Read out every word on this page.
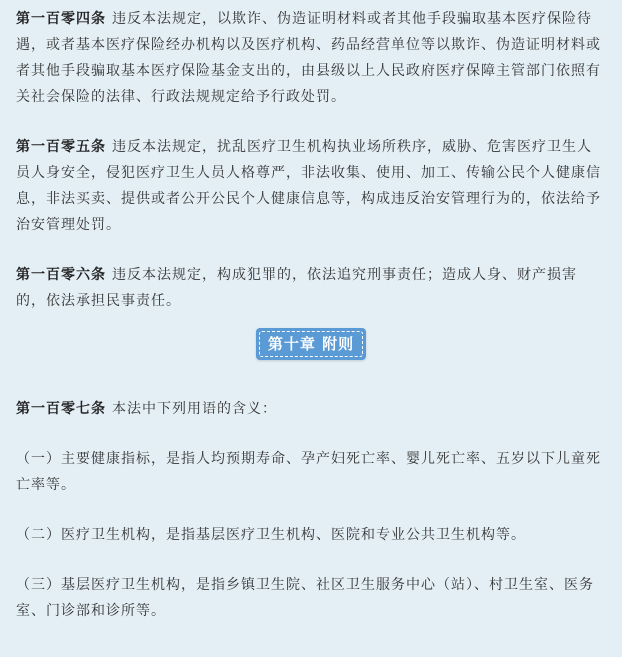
第一百零四条 违反本法规定，以欺诈、伪造证明材料或者其他手段骗取基本医疗保险待遇，或者基本医疗保险经办机构以及医疗机构、药品经营单位等以欺诈、伪造证明材料或者其他手段骗取基本医疗保险基金支出的，由县级以上人民政府医疗保障主管部门依照有关社会保险的法律、行政法规规定给予行政处罚。

第一百零五条 违反本法规定，扰乱医疗卫生机构执业场所秩序，威胁、危害医疗卫生人员人身安全，侵犯医疗卫生人员人格尊严，非法收集、使用、加工、传输公民个人健康信息，非法买卖、提供或者公开公民个人健康信息等，构成违反治安管理行为的，依法给予治安管理处罚。

第一百零六条 违反本法规定，构成犯罪的，依法追究刑事责任；造成人身、财产损害的，依法承担民事责任。

第十章 附则

第一百零七条 本法中下列用语的含义：

（一）主要健康指标，是指人均预期寿命、孕产妇死亡率、婴儿死亡率、五岁以下儿童死亡率等。

（二）医疗卫生机构，是指基层医疗卫生机构、医院和专业公共卫生机构等。

（三）基层医疗卫生机构，是指乡镇卫生院、社区卫生服务中心（站）、村卫生室、医务室、门诊部和诊所等。
